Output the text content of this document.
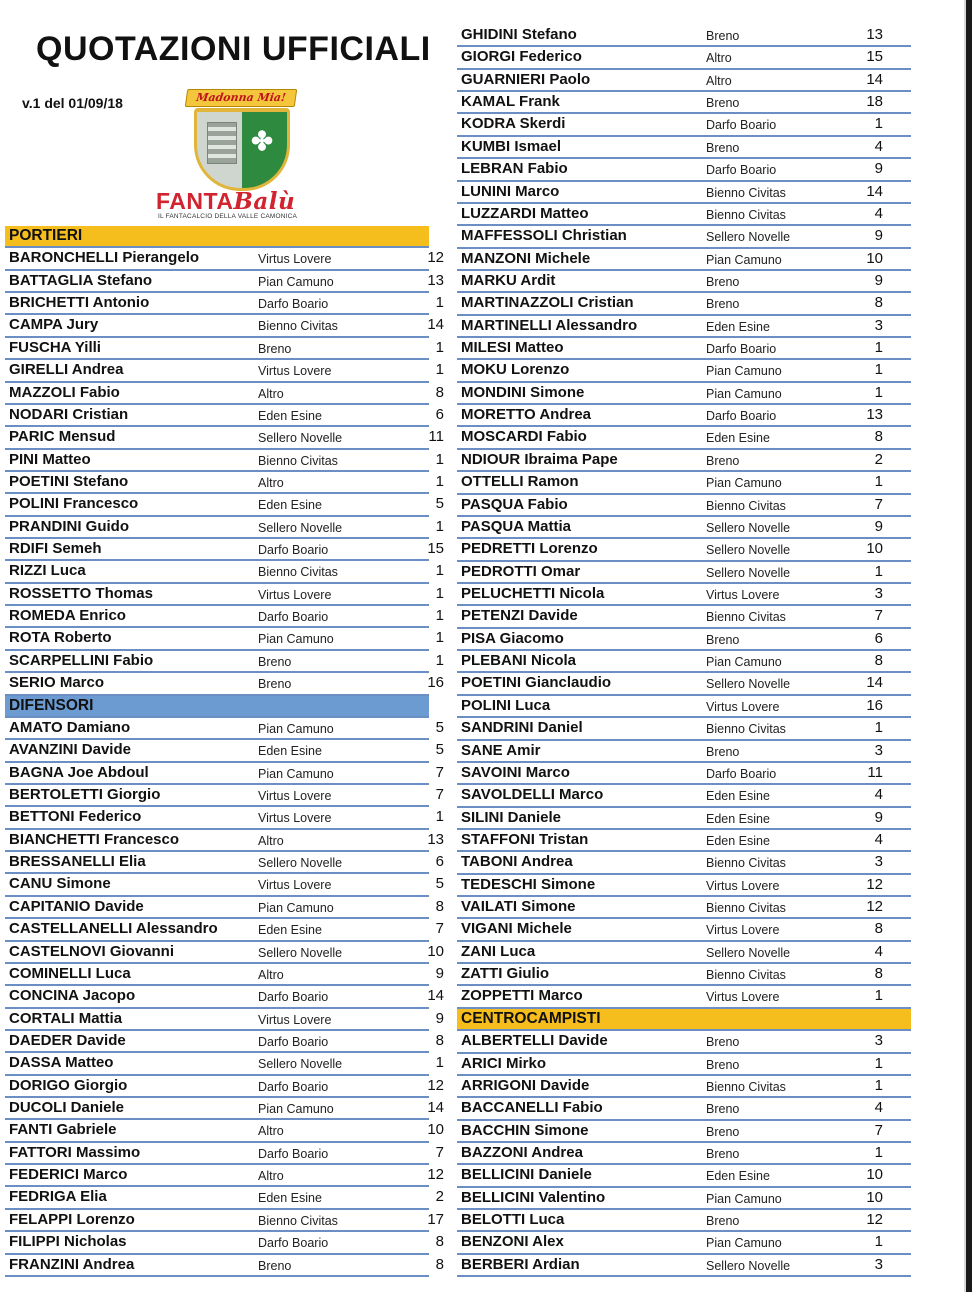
QUOTAZIONI UFFICIALI
v.1 del 01/09/18	Madonna Mia!
✤
FANTABalù
IL FANTACALCIO DELLA VALLE CAMONICA
PORTIERI
BARONCHELLI Pierangelo	Virtus Lovere	12
BATTAGLIA Stefano	Pian Camuno	13
BRICHETTI Antonio	Darfo Boario	1
CAMPA Jury	Bienno Civitas	14
FUSCHA Yilli	Breno	1
GIRELLI Andrea	Virtus Lovere	1
MAZZOLI Fabio	Altro	8
NODARI Cristian	Eden Esine	6
PARIC Mensud	Sellero Novelle	11
PINI Matteo	Bienno Civitas	1
POETINI Stefano	Altro	1
POLINI Francesco	Eden Esine	5
PRANDINI Guido	Sellero Novelle	1
RDIFI Semeh	Darfo Boario	15
RIZZI Luca	Bienno Civitas	1
ROSSETTO Thomas	Virtus Lovere	1
ROMEDA Enrico	Darfo Boario	1
ROTA Roberto	Pian Camuno	1
SCARPELLINI Fabio	Breno	1
SERIO Marco	Breno	16
DIFENSORI
AMATO Damiano	Pian Camuno	5
AVANZINI Davide	Eden Esine	5
BAGNA Joe Abdoul	Pian Camuno	7
BERTOLETTI Giorgio	Virtus Lovere	7
BETTONI Federico	Virtus Lovere	1
BIANCHETTI Francesco	Altro	13
BRESSANELLI Elia	Sellero Novelle	6
CANU Simone	Virtus Lovere	5
CAPITANIO Davide	Pian Camuno	8
CASTELLANELLI Alessandro	Eden Esine	7
CASTELNOVI Giovanni	Sellero Novelle	10
COMINELLI Luca	Altro	9
CONCINA Jacopo	Darfo Boario	14
CORTALI Mattia	Virtus Lovere	9
DAEDER Davide	Darfo Boario	8
DASSA Matteo	Sellero Novelle	1
DORIGO Giorgio	Darfo Boario	12
DUCOLI Daniele	Pian Camuno	14
FANTI Gabriele	Altro	10
FATTORI Massimo	Darfo Boario	7
FEDERICI Marco	Altro	12
FEDRIGA Elia	Eden Esine	2
FELAPPI Lorenzo	Bienno Civitas	17
FILIPPI Nicholas	Darfo Boario	8
FRANZINI Andrea	Breno	8
GHIDINI Stefano	Breno	13
GIORGI Federico	Altro	15
GUARNIERI Paolo	Altro	14
KAMAL Frank	Breno	18
KODRA Skerdi	Darfo Boario	1
KUMBI Ismael	Breno	4
LEBRAN Fabio	Darfo Boario	9
LUNINI Marco	Bienno Civitas	14
LUZZARDI Matteo	Bienno Civitas	4
MAFFESSOLI Christian	Sellero Novelle	9
MANZONI Michele	Pian Camuno	10
MARKU Ardit	Breno	9
MARTINAZZOLI Cristian	Breno	8
MARTINELLI Alessandro	Eden Esine	3
MILESI Matteo	Darfo Boario	1
MOKU Lorenzo	Pian Camuno	1
MONDINI Simone	Pian Camuno	1
MORETTO Andrea	Darfo Boario	13
MOSCARDI Fabio	Eden Esine	8
NDIOUR Ibraima Pape	Breno	2
OTTELLI Ramon	Pian Camuno	1
PASQUA Fabio	Bienno Civitas	7
PASQUA Mattia	Sellero Novelle	9
PEDRETTI Lorenzo	Sellero Novelle	10
PEDROTTI Omar	Sellero Novelle	1
PELUCHETTI Nicola	Virtus Lovere	3
PETENZI Davide	Bienno Civitas	7
PISA Giacomo	Breno	6
PLEBANI Nicola	Pian Camuno	8
POETINI Gianclaudio	Sellero Novelle	14
POLINI Luca	Virtus Lovere	16
SANDRINI Daniel	Bienno Civitas	1
SANE Amir	Breno	3
SAVOINI Marco	Darfo Boario	11
SAVOLDELLI Marco	Eden Esine	4
SILINI Daniele	Eden Esine	9
STAFFONI Tristan	Eden Esine	4
TABONI Andrea	Bienno Civitas	3
TEDESCHI Simone	Virtus Lovere	12
VAILATI Simone	Bienno Civitas	12
VIGANI Michele	Virtus Lovere	8
ZANI Luca	Sellero Novelle	4
ZATTI Giulio	Bienno Civitas	8
ZOPPETTI Marco	Virtus Lovere	1
CENTROCAMPISTI
ALBERTELLI Davide	Breno	3
ARICI Mirko	Breno	1
ARRIGONI Davide	Bienno Civitas	1
BACCANELLI Fabio	Breno	4
BACCHIN Simone	Breno	7
BAZZONI Andrea	Breno	1
BELLICINI Daniele	Eden Esine	10
BELLICINI Valentino	Pian Camuno	10
BELOTTI Luca	Breno	12
BENZONI Alex	Pian Camuno	1
BERBERI Ardian	Sellero Novelle	3
